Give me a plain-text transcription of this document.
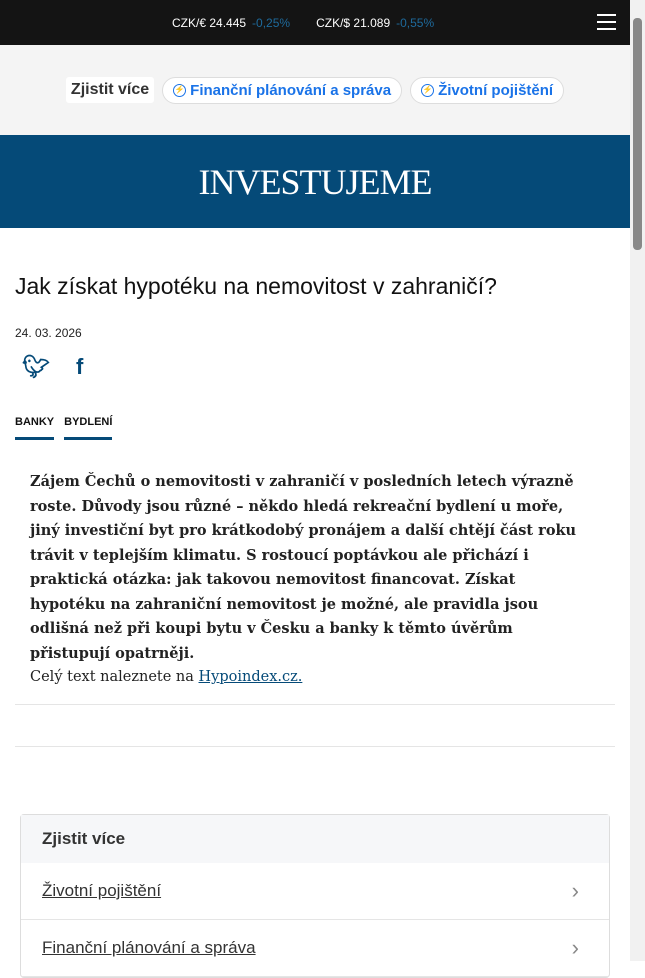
CZK/€ 24.445 -0,25% CZK/$ 21.089 -0,55%
Zjistit více	⚡ Finanční plánování a správa	⚡ Životní pojištění
INVESTUJEME
Jak získat hypotéku na nemovitost v zahraničí?
24. 03. 2026
🐦︎ f
BANKY BYDLENÍ
Zájem Čechů o nemovitosti v zahraničí v posledních letech výrazně roste. Důvody jsou různé – někdo hledá rekreační bydlení u moře, jiný investiční byt pro krátkodobý pronájem a další chtějí část roku trávit v teplejším klimatu. S rostoucí poptávkou ale přichází i praktická otázka: jak takovou nemovitost financovat. Získat hypotéku na zahraniční nemovitost je možné, ale pravidla jsou odlišná než při koupi bytu v Česku a banky k těmto úvěrům přistupují opatrněji.
Celý text naleznete na Hypoindex.cz.
Zjistit více
Životní pojištění	›
Finanční plánování a správa	›
